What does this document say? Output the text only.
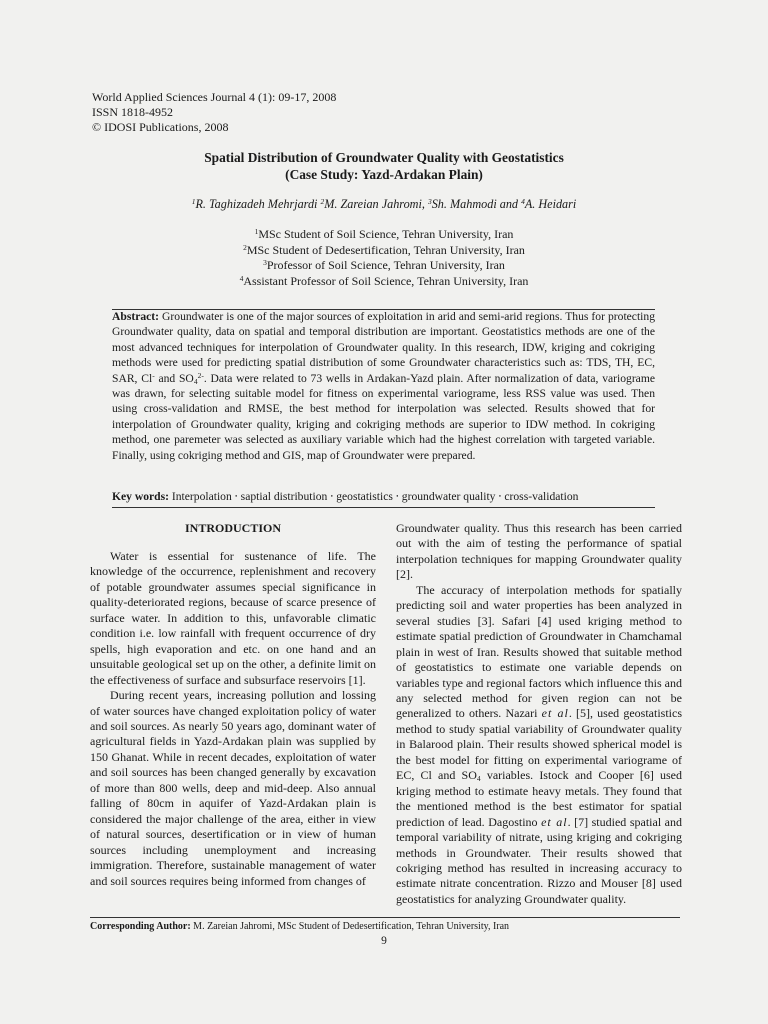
World Applied Sciences Journal 4 (1): 09-17, 2008
ISSN 1818-4952
© IDOSI Publications, 2008
Spatial Distribution of Groundwater Quality with Geostatistics
(Case Study: Yazd-Ardakan Plain)
$^1$R. Taghizadeh Mehrjardi $^2$M. Zareian Jahromi, $^3$Sh. Mahmodi and $^4$A. Heidari
$^1$MSc Student of Soil Science, Tehran University, Iran
$^2$MSc Student of Dedesertification, Tehran University, Iran
$^3$Professor of Soil Science, Tehran University, Iran
$^4$Assistant Professor of Soil Science, Tehran University, Iran
Abstract: Groundwater is one of the major sources of exploitation in arid and semi-arid regions. Thus for protecting Groundwater quality, data on spatial and temporal distribution are important. Geostatistics methods are one of the most advanced techniques for interpolation of Groundwater quality. In this research, IDW, kriging and cokriging methods were used for predicting spatial distribution of some Groundwater characteristics such as: TDS, TH, EC, SAR, Cl- and $SO_4^{2-}$. Data were related to 73 wells in Ardakan-Yazd plain. After normalization of data, variograme was drawn, for selecting suitable model for fitness on experimental variograme, less RSS value was used. Then using cross-validation and RMSE, the best method for interpolation was selected. Results showed that for interpolation of Groundwater quality, kriging and cokriging methods are superior to IDW method. In cokriging method, one paremeter was selected as auxiliary variable which had the highest correlation with targeted variable. Finally, using cokriging method and GIS, map of Groundwater were prepared.
Key words: Interpolation ⸱ saptial distribution ⸱ geostatistics ⸱ groundwater quality ⸱ cross-validation
INTRODUCTION

Water is essential for sustenance of life. The knowledge of the occurrence, replenishment and recovery of potable groundwater assumes special significance in quality-deteriorated regions, because of scarce presence of surface water. In addition to this, unfavorable climatic condition i.e. low rainfall with frequent occurrence of dry spells, high evaporation and etc. on one hand and an unsuitable geological set up on the other, a definite limit on the effectiveness of surface and subsurface reservoirs [1].

During recent years, increasing pollution and lossing of water sources have changed exploitation policy of water and soil sources. As nearly 50 years ago, dominant water of agricultural fields in Yazd-Ardakan plain was supplied by 150 Ghanat. While in recent decades, exploitation of water and soil sources has been changed generally by excavation of more than 800 wells, deep and mid-deep. Also annual falling of 80cm in aquifer of Yazd-Ardakan plain is considered the major challenge of the area, either in view of natural sources, desertification or in view of human sources including unemployment and increasing immigration. Therefore, sustainable management of water and soil sources requires being informed from changes of

Groundwater quality. Thus this research has been carried out with the aim of testing the performance of spatial interpolation techniques for mapping Groundwater quality [2].

The accuracy of interpolation methods for spatially predicting soil and water properties has been analyzed in several studies [3]. Safari [4] used kriging method to estimate spatial prediction of Groundwater in Chamchamal plain in west of Iran. Results showed that suitable method of geostatistics to estimate one variable depends on variables type and regional factors which influence this and any selected method for given region can not be generalized to others. Nazari et al. [5], used geostatistics method to study spatial variability of Groundwater quality in Balarood plain. Their results showed spherical model is the best model for fitting on experimental variograme of EC, Cl and $SO_4$ variables. Istock and Cooper [6] used kriging method to estimate heavy metals. They found that the mentioned method is the best estimator for spatial prediction of lead. Dagostino et al. [7] studied spatial and temporal variability of nitrate, using kriging and cokriging methods in Groundwater. Their results showed that cokriging method has resulted in increasing accuracy to estimate nitrate concentration. Rizzo and Mouser [8] used geostatistics for analyzing Groundwater quality.

Corresponding Author: M. Zareian Jahromi, MSc Student of Dedesertification, Tehran University, Iran
9
